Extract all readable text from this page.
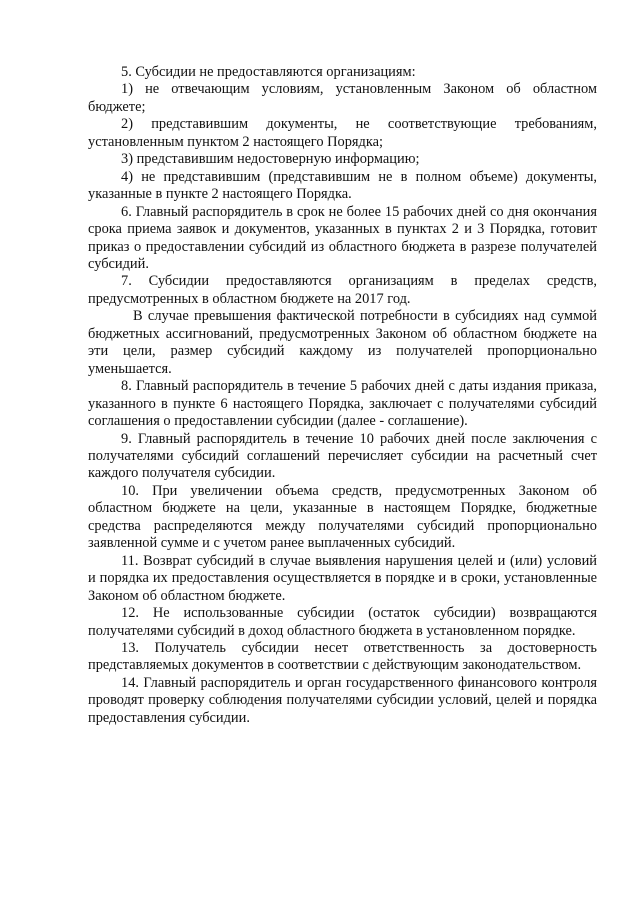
5. Субсидии не предоставляются организациям:

1) не отвечающим условиям, установленным Законом об областном бюджете;

2) представившим документы, не соответствующие требованиям, установленным пунктом 2 настоящего Порядка;

3) представившим недостоверную информацию;

4) не представившим (представившим не в полном объеме) документы, указанные в пункте 2 настоящего Порядка.

6. Главный распорядитель в срок не более 15 рабочих дней со дня окончания срока приема заявок и документов, указанных в пунктах 2 и 3 Порядка, готовит приказ о предоставлении субсидий из областного бюджета в разрезе получателей субсидий.

7. Субсидии предоставляются организациям в пределах средств, предусмотренных в областном бюджете на 2017 год.

В случае превышения фактической потребности в субсидиях над суммой бюджетных ассигнований, предусмотренных Законом об областном бюджете на эти цели, размер субсидий каждому из получателей пропорционально уменьшается.

8. Главный распорядитель в течение 5 рабочих дней с даты издания приказа, указанного в пункте 6 настоящего Порядка, заключает с получателями субсидий соглашения о предоставлении субсидии (далее - соглашение).

9. Главный распорядитель в течение 10 рабочих дней после заключения с получателями субсидий соглашений перечисляет субсидии на расчетный счет каждого получателя субсидии.

10. При увеличении объема средств, предусмотренных Законом об областном бюджете на цели, указанные в настоящем Порядке, бюджетные средства распределяются между получателями субсидий пропорционально заявленной сумме и с учетом ранее выплаченных субсидий.

11. Возврат субсидий в случае выявления нарушения целей и (или) условий и порядка их предоставления осуществляется в порядке и в сроки, установленные Законом об областном бюджете.

12. Не использованные субсидии (остаток субсидии) возвращаются получателями субсидий в доход областного бюджета в установленном порядке.

13. Получатель субсидии несет ответственность за достоверность представляемых документов в соответствии с действующим законодательством.

14. Главный распорядитель и орган государственного финансового контроля проводят проверку соблюдения получателями субсидии условий, целей и порядка предоставления субсидии.
